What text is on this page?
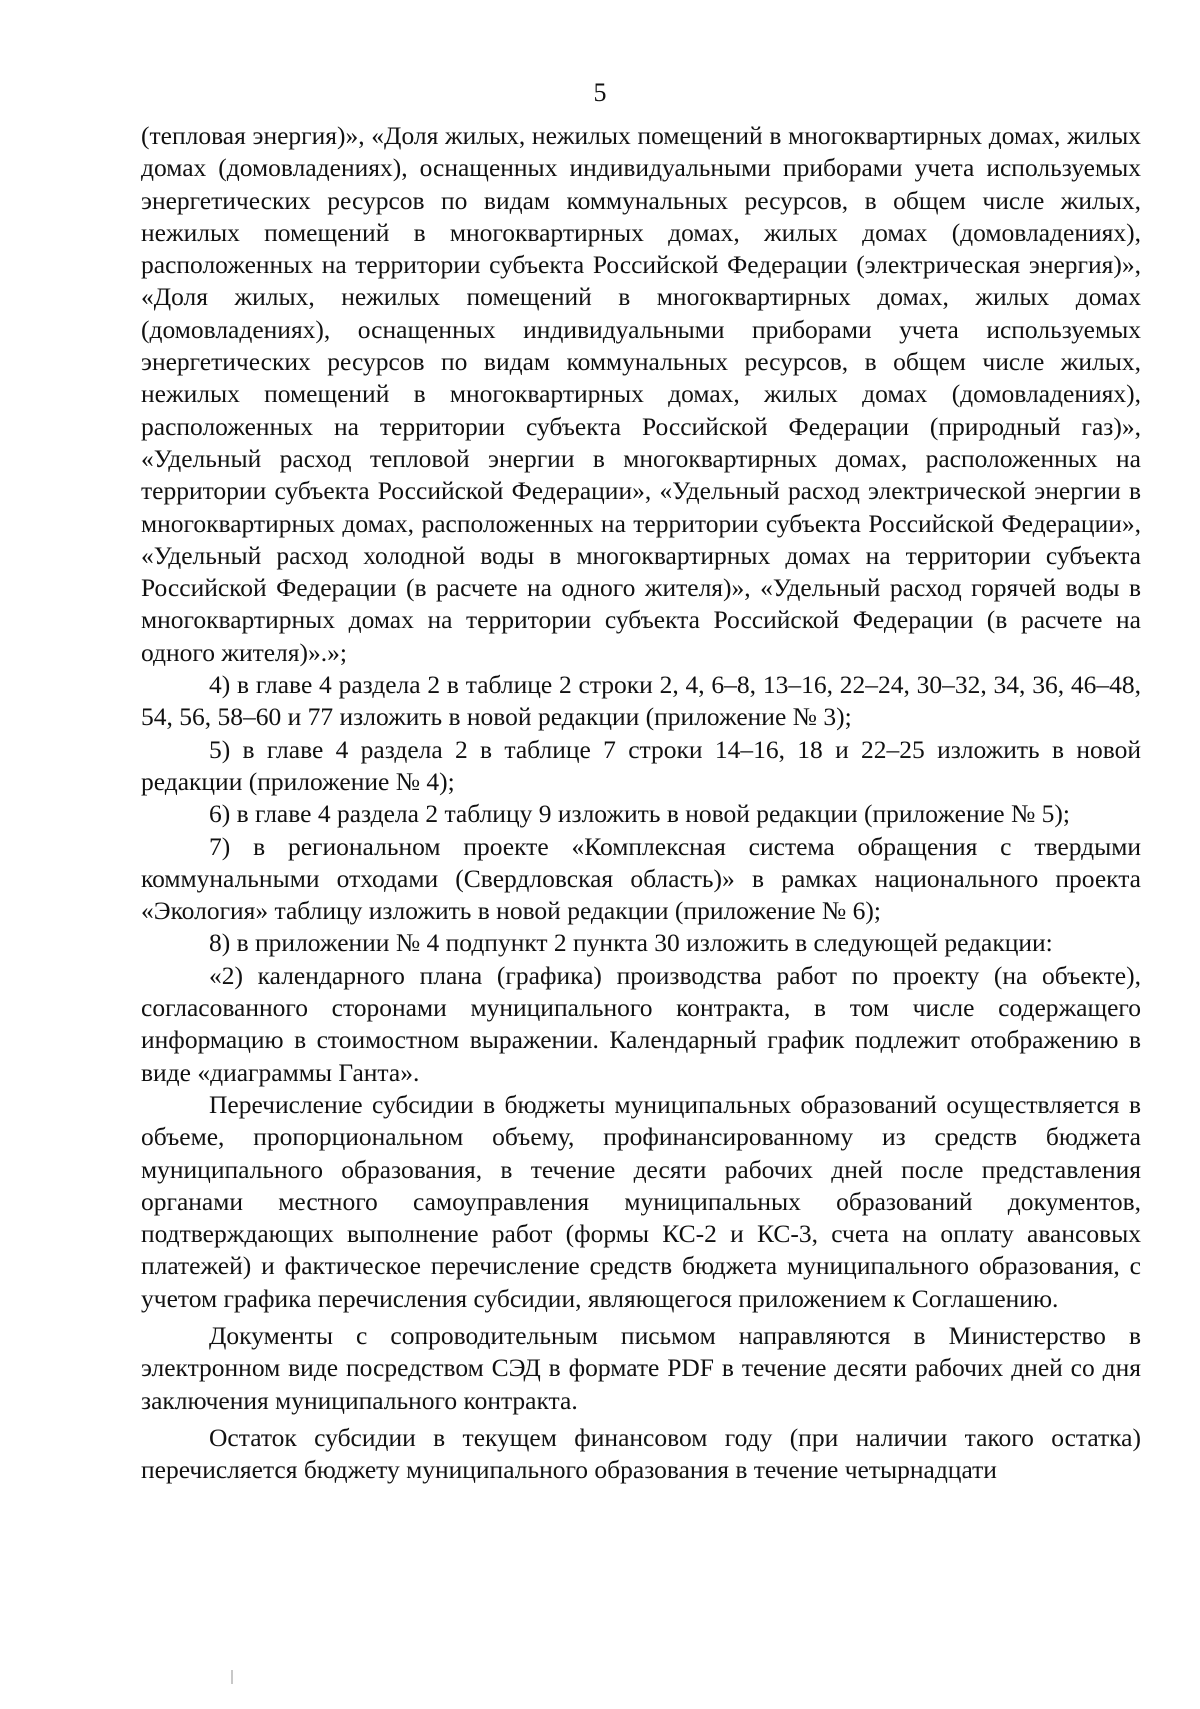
5

(тепловая энергия)», «Доля жилых, нежилых помещений в многоквартирных домах, жилых домах (домовладениях), оснащенных индивидуальными приборами учета используемых энергетических ресурсов по видам коммунальных ресурсов, в общем числе жилых, нежилых помещений в многоквартирных домах, жилых домах (домовладениях), расположенных на территории субъекта Российской Федерации (электрическая энергия)», «Доля жилых, нежилых помещений в многоквартирных домах, жилых домах (домовладениях), оснащенных индивидуальными приборами учета используемых энергетических ресурсов по видам коммунальных ресурсов, в общем числе жилых, нежилых помещений в многоквартирных домах, жилых домах (домовладениях), расположенных на территории субъекта Российской Федерации (природный газ)», «Удельный расход тепловой энергии в многоквартирных домах, расположенных на территории субъекта Российской Федерации», «Удельный расход электрической энергии в многоквартирных домах, расположенных на территории субъекта Российской Федерации», «Удельный расход холодной воды в многоквартирных домах на территории субъекта Российской Федерации (в расчете на одного жителя)», «Удельный расход горячей воды в многоквартирных домах на территории субъекта Российской Федерации (в расчете на одного жителя)».»;

4) в главе 4 раздела 2 в таблице 2 строки 2, 4, 6–8, 13–16, 22–24, 30–32, 34, 36, 46–48, 54, 56, 58–60 и 77 изложить в новой редакции (приложение № 3);

5) в главе 4 раздела 2 в таблице 7 строки 14–16, 18 и 22–25 изложить в новой редакции (приложение № 4);

6) в главе 4 раздела 2 таблицу 9 изложить в новой редакции (приложение № 5);

7) в региональном проекте «Комплексная система обращения с твердыми коммунальными отходами (Свердловская область)» в рамках национального проекта «Экология» таблицу изложить в новой редакции (приложение № 6);

8) в приложении № 4 подпункт 2 пункта 30 изложить в следующей редакции:

«2) календарного плана (графика) производства работ по проекту (на объекте), согласованного сторонами муниципального контракта, в том числе содержащего информацию в стоимостном выражении. Календарный график подлежит отображению в виде «диаграммы Ганта».

Перечисление субсидии в бюджеты муниципальных образований осуществляется в объеме, пропорциональном объему, профинансированному из средств бюджета муниципального образования, в течение десяти рабочих дней после представления органами местного самоуправления муниципальных образований документов, подтверждающих выполнение работ (формы КС-2 и КС-3, счета на оплату авансовых платежей) и фактическое перечисление средств бюджета муниципального образования, с учетом графика перечисления субсидии, являющегося приложением к Соглашению.

Документы с сопроводительным письмом направляются в Министерство в электронном виде посредством СЭД в формате PDF в течение десяти рабочих дней со дня заключения муниципального контракта.

Остаток субсидии в текущем финансовом году (при наличии такого остатка) перечисляется бюджету муниципального образования в течение четырнадцати
